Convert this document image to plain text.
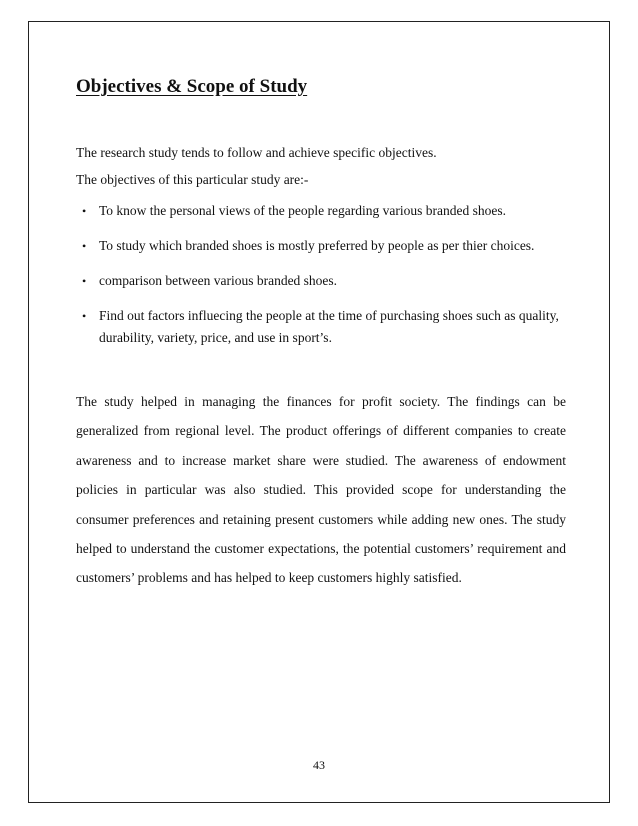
Objectives & Scope of Study

The research study tends to follow and achieve specific objectives.

The objectives of this particular study are:-

• To know the personal views of the people regarding various branded shoes.
• To study which branded shoes is mostly preferred by people as per thier choices.
• comparison between various branded shoes.
• Find out factors influecing the people at the time of purchasing shoes such as quality, durability, variety, price, and use in sport’s.

The study helped in managing the finances for profit society. The findings can be generalized from regional level. The product offerings of different companies to create awareness and to increase market share were studied. The awareness of endowment policies in particular was also studied. This provided scope for understanding the consumer preferences and retaining present customers while adding new ones. The study helped to understand the customer expectations, the potential customers’ requirement and customers’ problems and has helped to keep customers highly satisfied.

43
